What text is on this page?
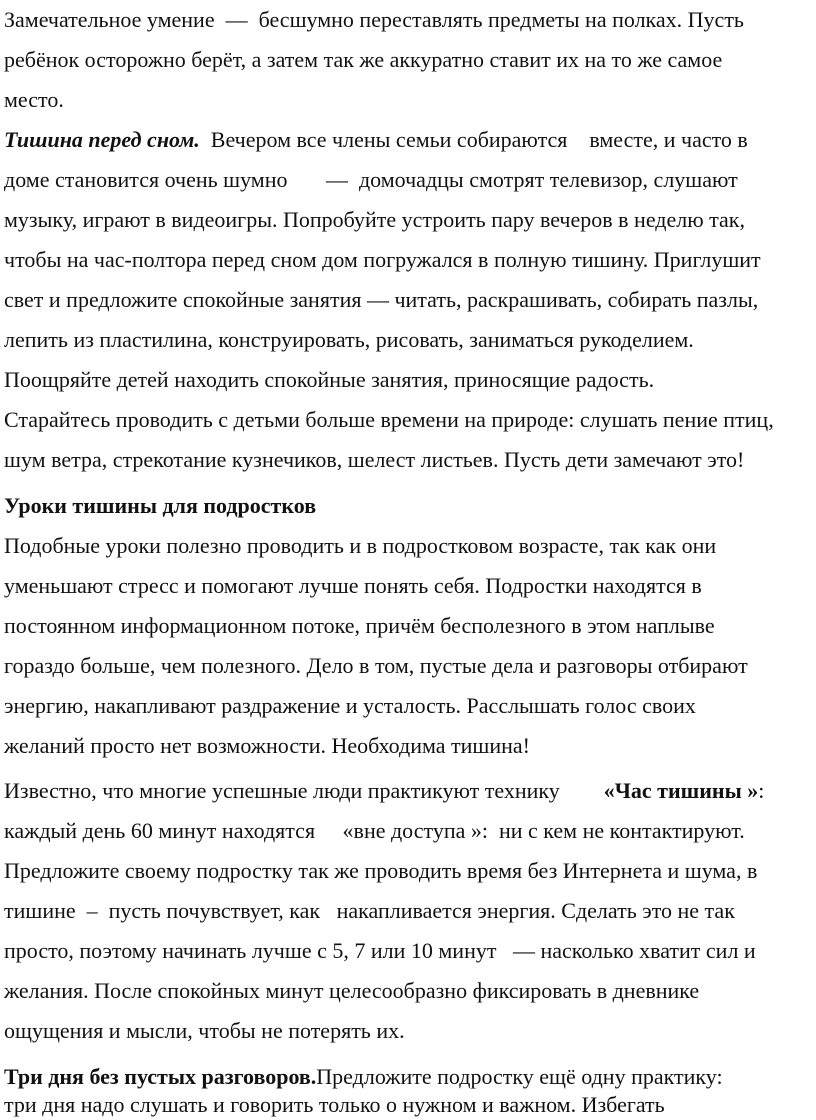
Замечательное умение  —  бесшумно переставлять предметы на полках. Пусть
ребёнок осторожно берёт, а затем так же аккуратно ставит их на то же самое
место.
Тишина перед сном.  Вечером все члены семьи собираются    вместе, и часто в
доме становится очень шумно       —  домочадцы смотрят телевизор, слушают
музыку, играют в видеоигры. Попробуйте устроить пару вечеров в неделю так,
чтобы на час-полтора перед сном дом погружался в полную тишину. Приглушит
свет и предложите спокойные занятия — читать, раскрашивать, собирать пазлы,
лепить из пластилина, конструировать, рисовать, заниматься рукоделием.
Поощряйте детей находить спокойные занятия, приносящие радость.
Старайтесь проводить с детьми больше времени на природе: слушать пение птиц,
шум ветра, стрекотание кузнечиков, шелест листьев. Пусть дети замечают это!
Уроки тишины для подростков
Подобные уроки полезно проводить и в подростковом возрасте, так как они
уменьшают стресс и помогают лучше понять себя. Подростки находятся в
постоянном информационном потоке, причём бесполезного в этом наплыве
гораздо больше, чем полезного. Дело в том, пустые дела и разговоры отбирают
энергию, накапливают раздражение и усталость. Расслышать голос своих
желаний просто нет возможности. Необходима тишина!
Известно, что многие успешные люди практикуют технику        «Час тишины »:
каждый день 60 минут находятся     «вне доступа »:  ни с кем не контактируют.
Предложите своему подростку так же проводить время без Интернета и шума, в
тишине  –  пусть почувствует, как   накапливается энергия. Сделать это не так
просто, поэтому начинать лучше с 5, 7 или 10 минут   — насколько хватит сил и
желания. После спокойных минут целесообразно фиксировать в дневнике
ощущения и мысли, чтобы не потерять их.
Три дня без пустых разговоров.Предложите подростку ещё одну практику:
три дня надо слушать и говорить только о нужном и важном. Избегать
